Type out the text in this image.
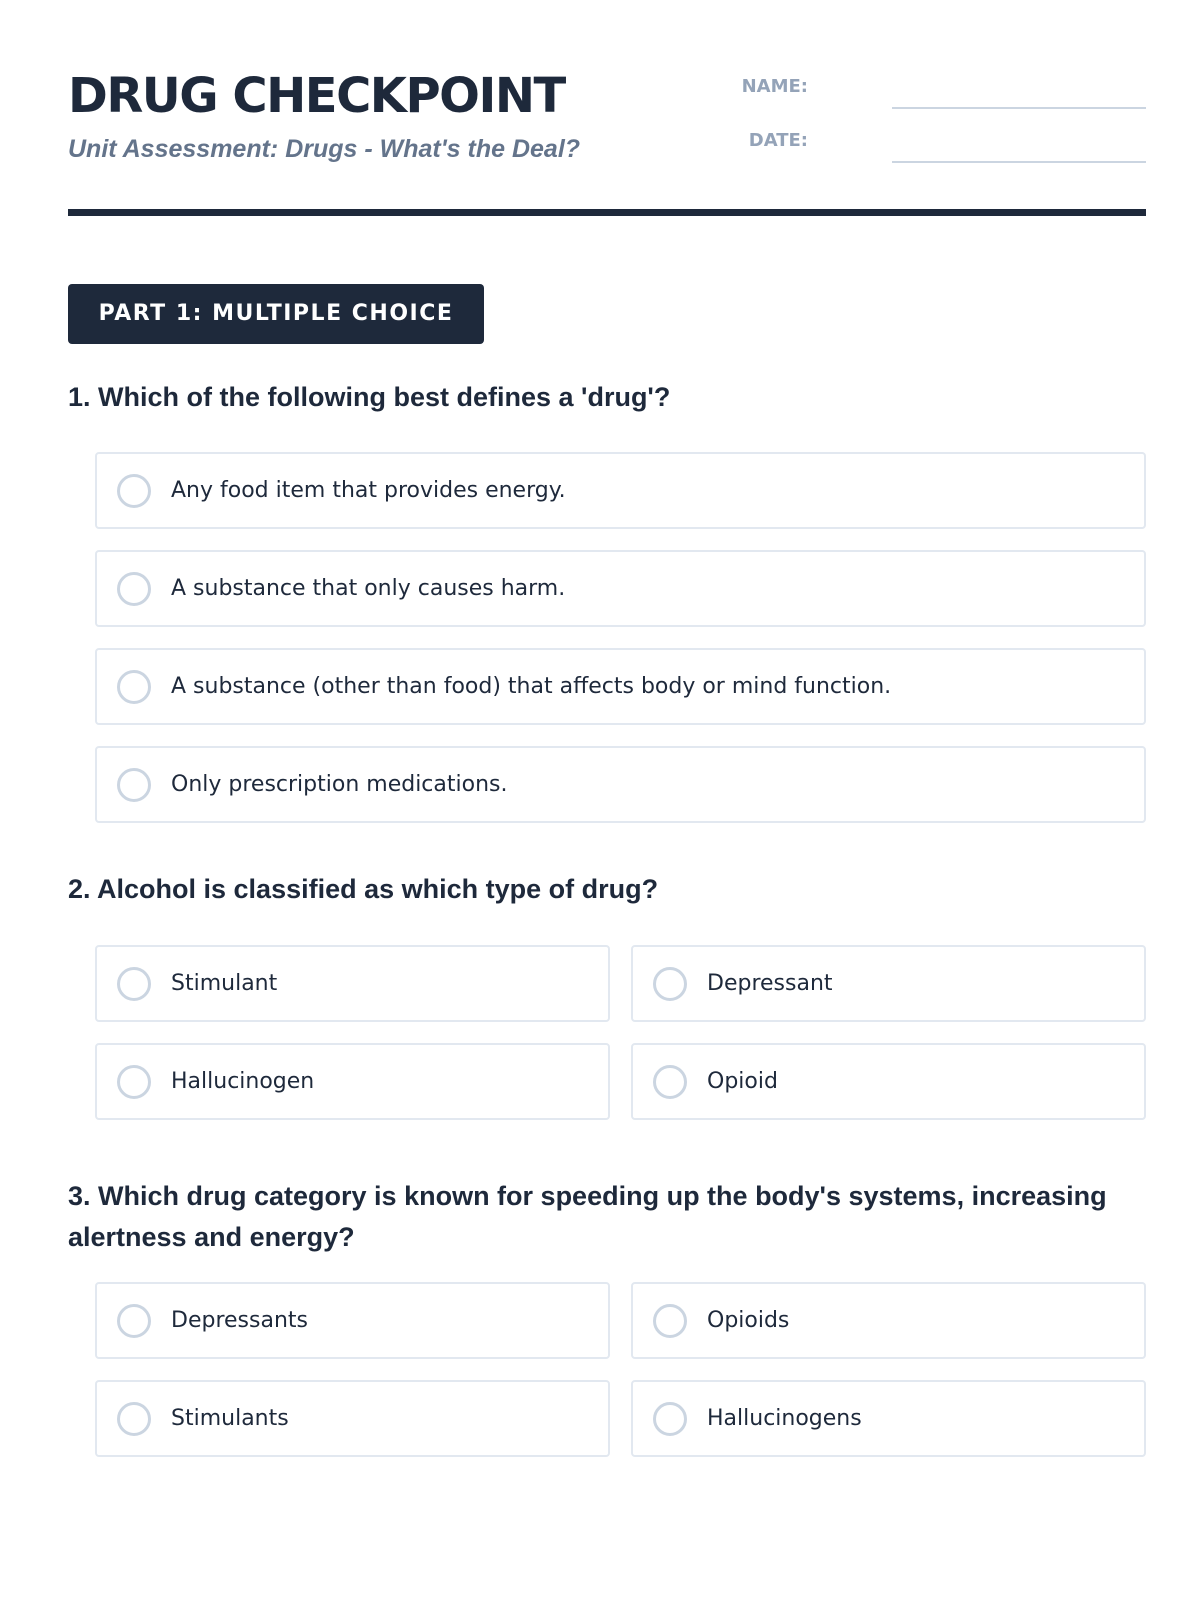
DRUG CHECKPOINT

Unit Assessment: Drugs - What's the Deal?

NAME:
DATE:
PART 1: MULTIPLE CHOICE

1. Which of the following best defines a 'drug'?

Any food item that provides energy.
A substance that only causes harm.
A substance (other than food) that affects body or mind function.
Only prescription medications.

2. Alcohol is classified as which type of drug?

Stimulant	Depressant
Hallucinogen	Opioid

3. Which drug category is known for speeding up the body's systems, increasing alertness and energy?

Depressants	Opioids
Stimulants	Hallucinogens
